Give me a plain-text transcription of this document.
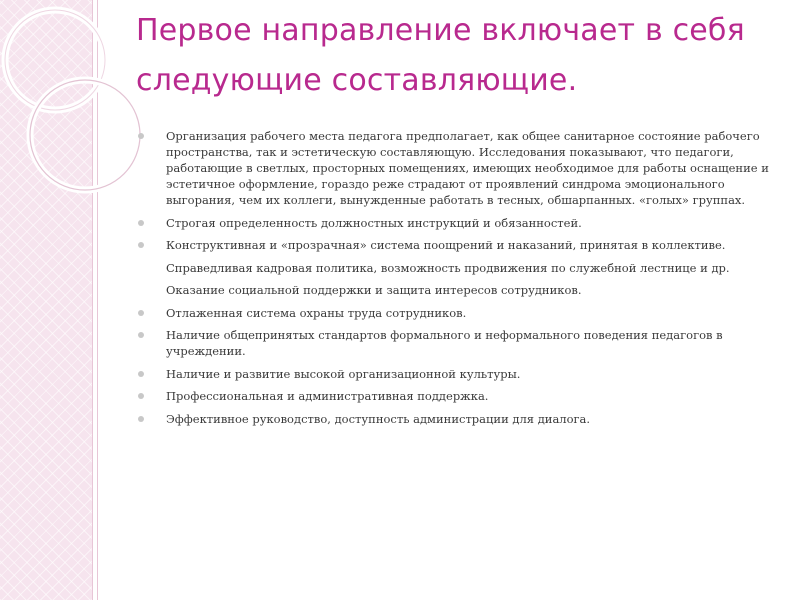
Первое направление включает в себя следующие составляющие.
Организация рабочего места педагога предполагает, как общее санитарное состояние рабочего пространства, так и эстетическую составляющую. Исследования показывают, что педагоги, работающие в светлых, просторных помещениях, имеющих необходимое для работы оснащение и эстетичное оформление, гораздо реже страдают от проявлений синдрома эмоционального выгорания, чем их коллеги, вынужденные работать в тесных, обшарпанных. «голых» группах.
Строгая определенность должностных инструкций и обязанностей.
Конструктивная и «прозрачная» система поощрений и наказаний, принятая в коллективе.
Справедливая кадровая политика, возможность продвижения по служебной лестнице и др.
Оказание социальной поддержки и защита интересов сотрудников.
Отлаженная система охраны труда сотрудников.
Наличие общепринятых стандартов формального и неформального поведения педагогов в учреждении.
Наличие и развитие высокой организационной культуры.
Профессиональная и административная поддержка.
Эффективное руководство, доступность администрации для диалога.
